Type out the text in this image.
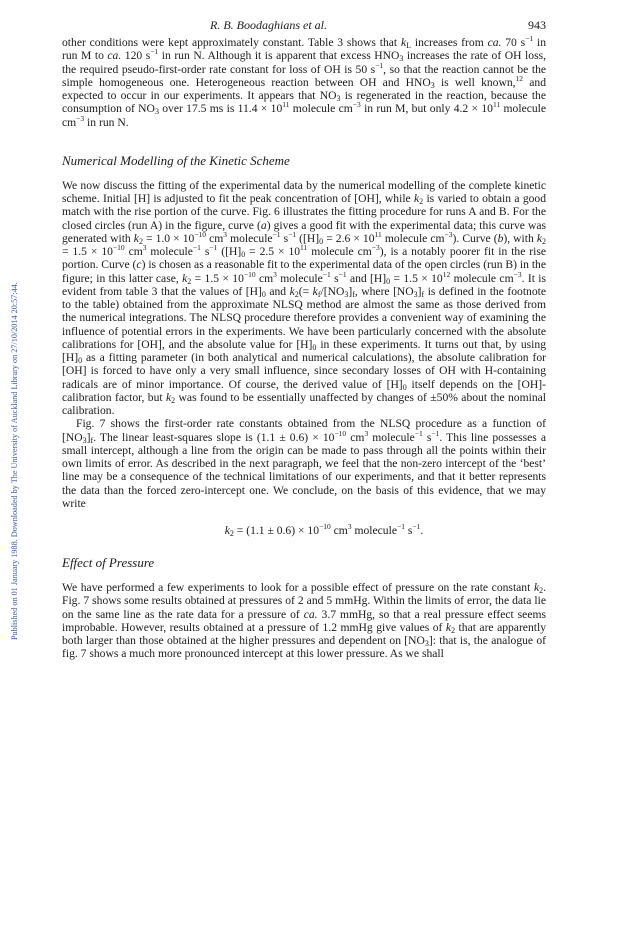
Published on 01 January 1988. Downloaded by The University of Auckland Library on 27/10/2014 20:57:44.
R. B. Boodaghians et al.	943

other conditions were kept approximately constant. Table 3 shows that $k_L$ increases from ca. 70 $s^{-1}$ in run M to ca. 120 $s^{-1}$ in run N. Although it is apparent that excess $HNO_3$ increases the rate of OH loss, the required pseudo-first-order rate constant for loss of OH is 50 $s^{-1}$, so that the reaction cannot be the simple homogeneous one. Heterogeneous reaction between OH and $HNO_3$ is well known,$^{12}$ and expected to occur in our experiments. It appears that $NO_3$ is regenerated in the reaction, because the consumption of $NO_3$ over 17.5 ms is $11.4 \times 10^{11}$ molecule $cm^{-3}$ in run M, but only $4.2 \times 10^{11}$ molecule $cm^{-3}$ in run N.

Numerical Modelling of the Kinetic Scheme

We now discuss the fitting of the experimental data by the numerical modelling of the complete kinetic scheme. Initial [H] is adjusted to fit the peak concentration of [OH], while $k_2$ is varied to obtain a good match with the rise portion of the curve. Fig. 6 illustrates the fitting procedure for runs A and B. For the closed circles (run A) in the figure, curve (a) gives a good fit with the experimental data; this curve was generated with $k_2 = 1.0 \times 10^{-10}$ $cm^3$ molecule$^{-1}$ $s^{-1}$ ($[H]_0 = 2.6 \times 10^{11}$ molecule $cm^{-3}$). Curve (b), with $k_2 = 1.5 \times 10^{-10}$ $cm^3$ molecule$^{-1}$ $s^{-1}$ ($[H]_0 = 2.5 \times 10^{11}$ molecule $cm^{-3}$), is a notably poorer fit in the rise portion. Curve (c) is chosen as a reasonable fit to the experimental data of the open circles (run B) in the figure; in this latter case, $k_2 = 1.5 \times 10^{-10}$ $cm^3$ molecule$^{-1}$ $s^{-1}$ and $[H]_0 = 1.5 \times 10^{12}$ molecule $cm^{-3}$. It is evident from table 3 that the values of $[H]_0$ and $k_2(= k_f/[NO_3]_f$, where $[NO_3]_f$ is defined in the footnote to the table) obtained from the approximate NLSQ method are almost the same as those derived from the numerical integrations. The NLSQ procedure therefore provides a convenient way of examining the influence of potential errors in the experiments. We have been particularly concerned with the absolute calibrations for [OH], and the absolute value for $[H]_0$ in these experiments. It turns out that, by using $[H]_0$ as a fitting parameter (in both analytical and numerical calculations), the absolute calibration for [OH] is forced to have only a very small influence, since secondary losses of OH with H-containing radicals are of minor importance. Of course, the derived value of $[H]_0$ itself depends on the [OH]-calibration factor, but $k_2$ was found to be essentially unaffected by changes of ±50% about the nominal calibration.

Fig. 7 shows the first-order rate constants obtained from the NLSQ procedure as a function of $[NO_3]_f$. The linear least-squares slope is $(1.1 \pm 0.6) \times 10^{-10}$ $cm^3$ molecule$^{-1}$ $s^{-1}$. This line possesses a small intercept, although a line from the origin can be made to pass through all the points within their own limits of error. As described in the next paragraph, we feel that the non-zero intercept of the ‘best’ line may be a consequence of the technical limitations of our experiments, and that it better represents the data than the forced zero-intercept one. We conclude, on the basis of this evidence, that we may write

$k_2 = (1.1 \pm 0.6) \times 10^{-10}$ $cm^3$ molecule$^{-1}$ $s^{-1}$.
Effect of Pressure

We have performed a few experiments to look for a possible effect of pressure on the rate constant $k_2$. Fig. 7 shows some results obtained at pressures of 2 and 5 mmHg. Within the limits of error, the data lie on the same line as the rate data for a pressure of ca. 3.7 mmHg, so that a real pressure effect seems improbable. However, results obtained at a pressure of 1.2 mmHg give values of $k_2$ that are apparently both larger than those obtained at the higher pressures and dependent on $[NO_3]$: that is, the analogue of fig. 7 shows a much more pronounced intercept at this lower pressure. As we shall
